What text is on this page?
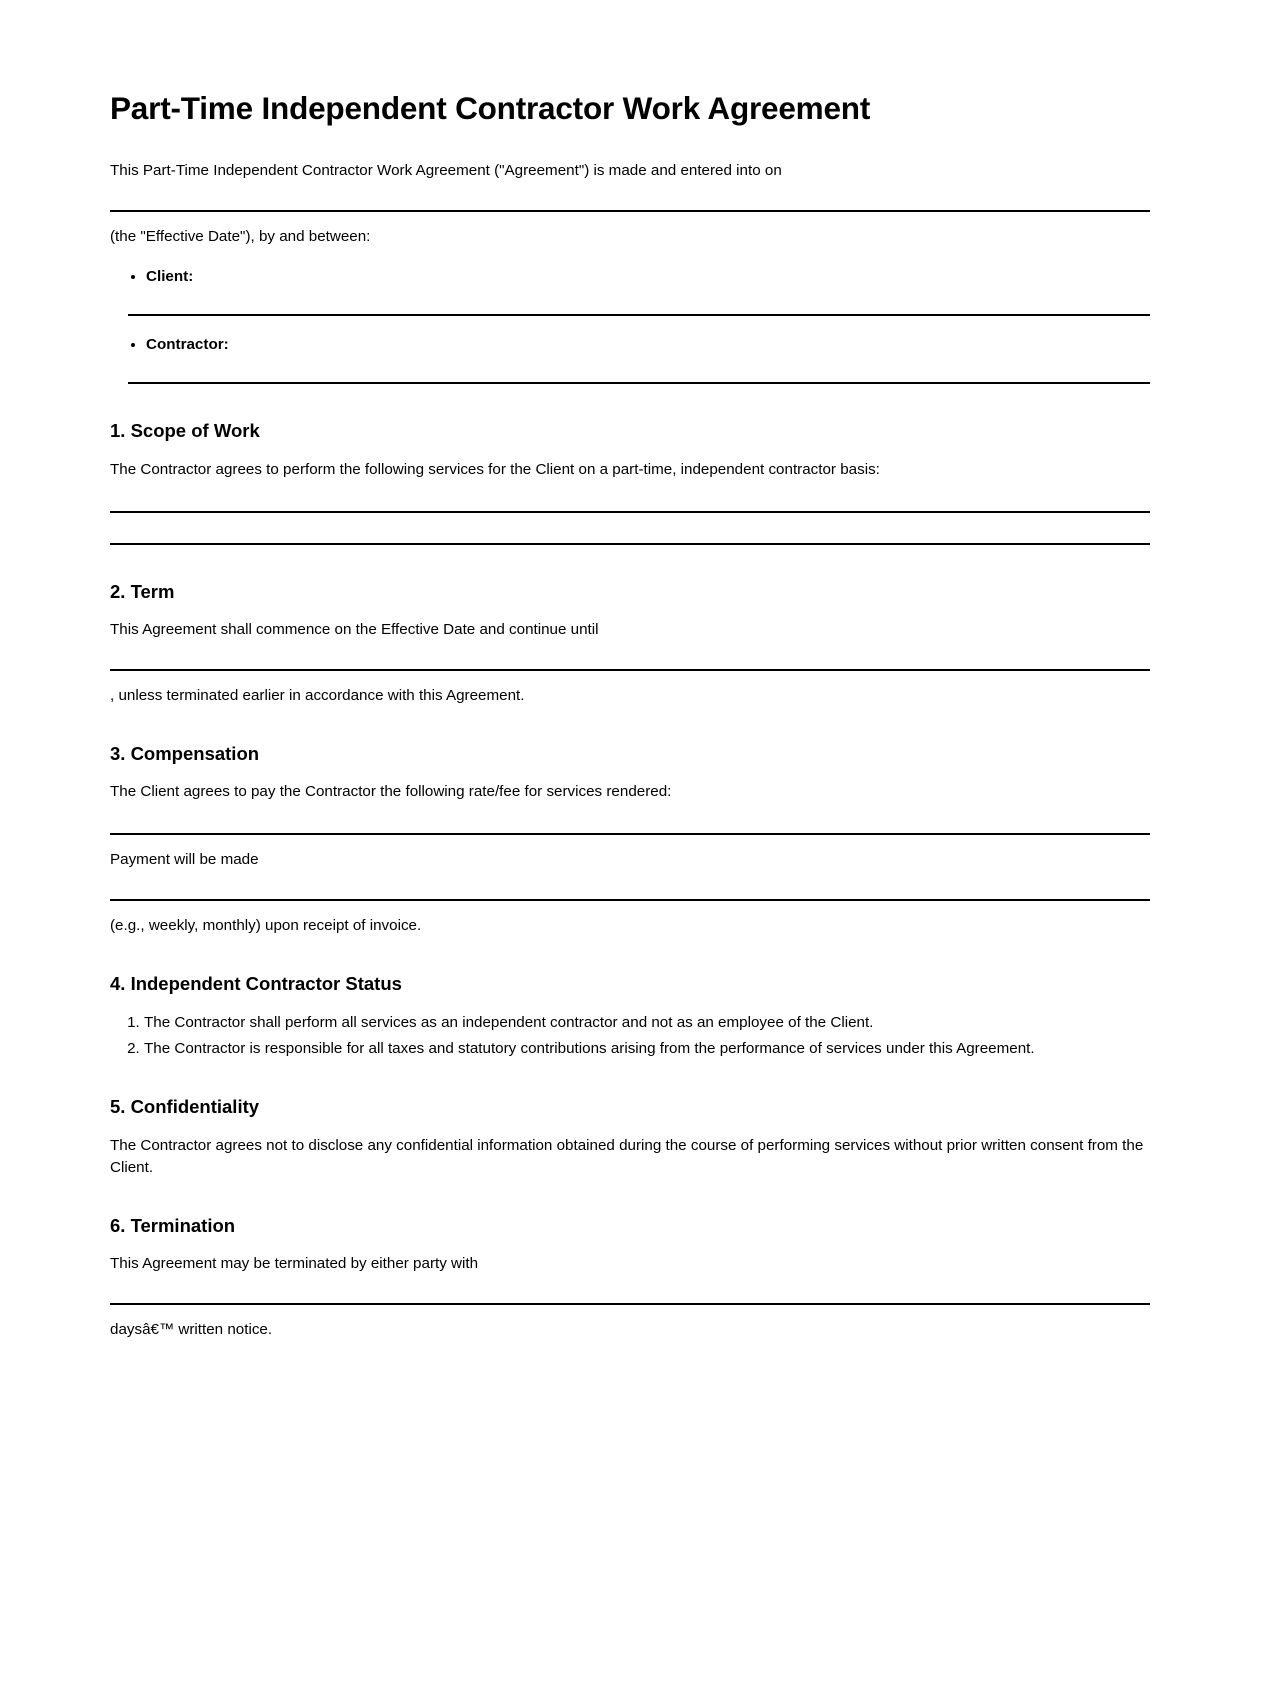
Part-Time Independent Contractor Work Agreement

This Part-Time Independent Contractor Work Agreement ("Agreement") is made and entered into on

(the "Effective Date"), by and between:

• Client:
• Contractor:
1. Scope of Work

The Contractor agrees to perform the following services for the Client on a part-time, independent contractor basis:

2. Term

This Agreement shall commence on the Effective Date and continue until

, unless terminated earlier in accordance with this Agreement.

3. Compensation

The Client agrees to pay the Contractor the following rate/fee for services rendered:

Payment will be made

(e.g., weekly, monthly) upon receipt of invoice.

4. Independent Contractor Status
1. The Contractor shall perform all services as an independent contractor and not as an employee of the Client.
2. The Contractor is responsible for all taxes and statutory contributions arising from the performance of services under this Agreement.
5. Confidentiality

The Contractor agrees not to disclose any confidential information obtained during the course of performing services without prior written consent from the Client.

6. Termination

This Agreement may be terminated by either party with

daysâ€™ written notice.
